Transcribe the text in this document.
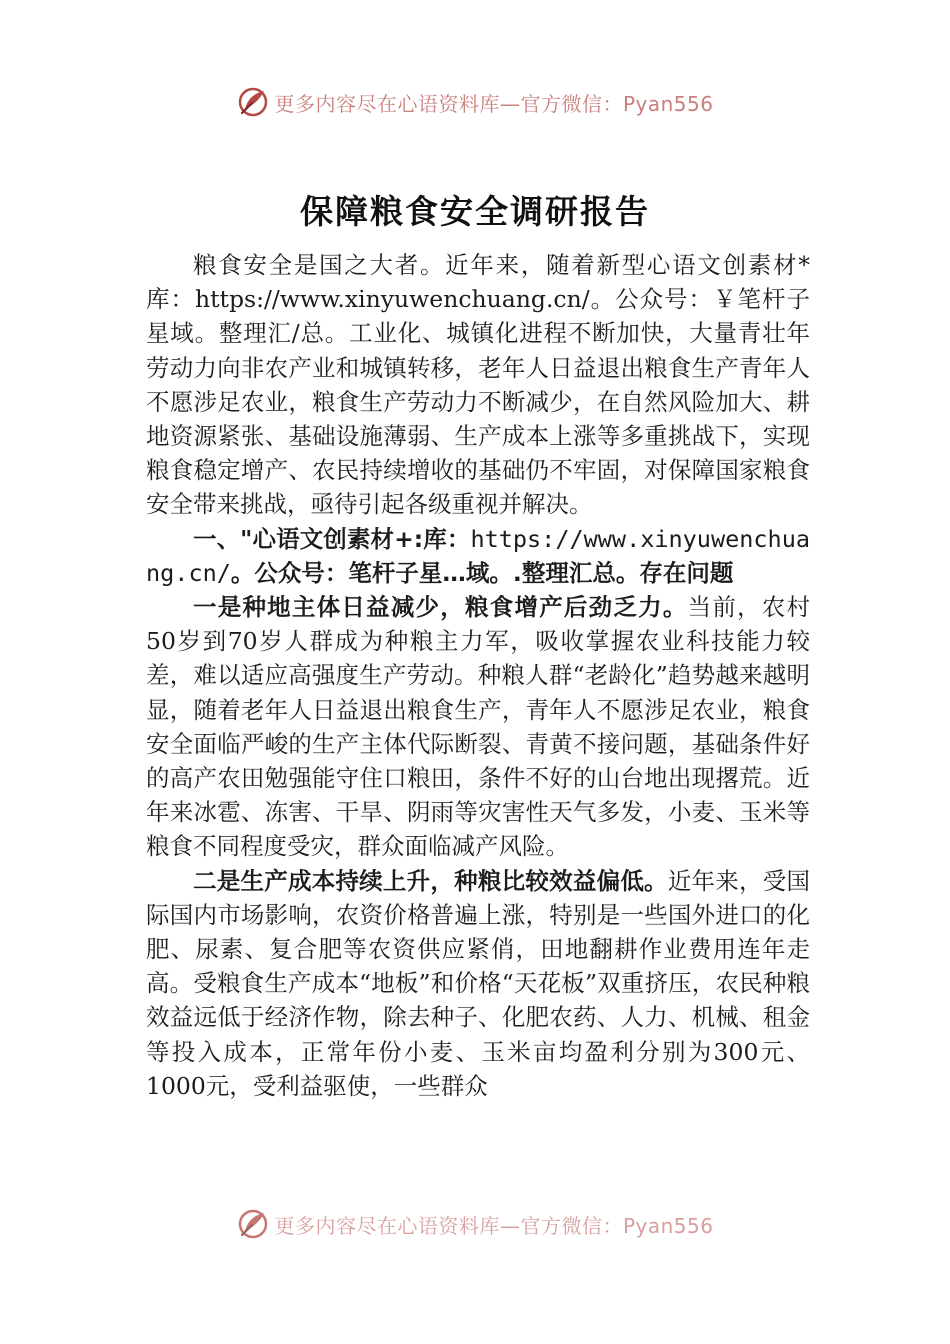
更多内容尽在心语资料库—官方微信：Pyan556
保障粮食安全调研报告

粮食安全是国之大者。近年来，随着新型心语文创素材*库：https://www.xinyuwenchuang.cn/。公众号：￥笔杆子星域。整理汇/总。工业化、城镇化进程不断加快，大量青壮年劳动力向非农产业和城镇转移，老年人日益退出粮食生产青年人不愿涉足农业，粮食生产劳动力不断减少，在自然风险加大、耕地资源紧张、基础设施薄弱、生产成本上涨等多重挑战下，实现粮食稳定增产、农民持续增收的基础仍不牢固，对保障国家粮食安全带来挑战，亟待引起各级重视并解决。

一、"心语文创素材+:库：https://www.xinyuwenchuang.cn/。公众号：笔杆子星…域。.整理汇总。存在问题

一是种地主体日益减少，粮食增产后劲乏力。当前，农村50岁到70岁人群成为种粮主力军，吸收掌握农业科技能力较差，难以适应高强度生产劳动。种粮人群“老龄化”趋势越来越明显，随着老年人日益退出粮食生产，青年人不愿涉足农业，粮食安全面临严峻的生产主体代际断裂、青黄不接问题，基础条件好的高产农田勉强能守住口粮田，条件不好的山台地出现撂荒。近年来冰雹、冻害、干旱、阴雨等灾害性天气多发，小麦、玉米等粮食不同程度受灾，群众面临减产风险。

二是生产成本持续上升，种粮比较效益偏低。近年来，受国际国内市场影响，农资价格普遍上涨，特别是一些国外进口的化肥、尿素、复合肥等农资供应紧俏，田地翻耕作业费用连年走高。受粮食生产成本“地板”和价格“天花板”双重挤压，农民种粮效益远低于经济作物，除去种子、化肥农药、人力、机械、租金等投入成本，正常年份小麦、玉米亩均盈利分别为300元、1000元，受利益驱使，一些群众

更多内容尽在心语资料库—官方微信：Pyan556
